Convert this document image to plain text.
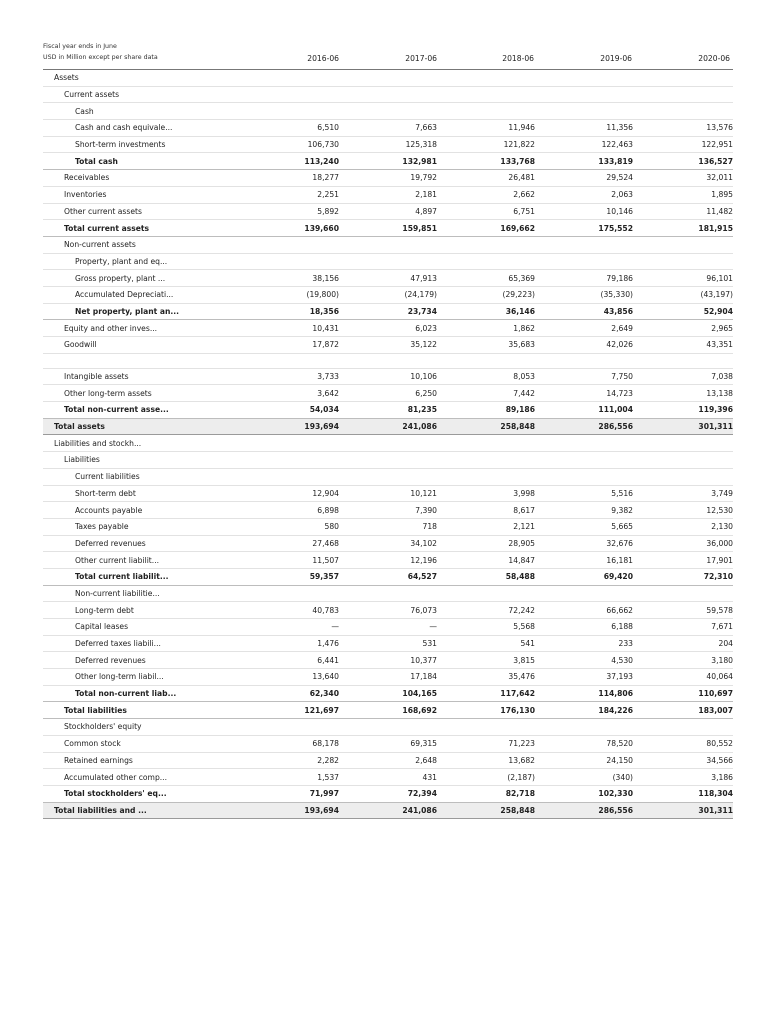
Fiscal year ends in June
USD in Million except per share data	2016-06	2017-06	2018-06	2019-06	2020-06
Assets					
Current assets					
Cash					
Cash and cash equivale...	6,510	7,663	11,946	11,356	13,576
Short-term investments	106,730	125,318	121,822	122,463	122,951
Total cash	113,240	132,981	133,768	133,819	136,527
Receivables	18,277	19,792	26,481	29,524	32,011
Inventories	2,251	2,181	2,662	2,063	1,895
Other current assets	5,892	4,897	6,751	10,146	11,482
Total current assets	139,660	159,851	169,662	175,552	181,915
Non-current assets					
Property, plant and eq...					
Gross property, plant ...	38,156	47,913	65,369	79,186	96,101
Accumulated Depreciati...	(19,800)	(24,179)	(29,223)	(35,330)	(43,197)
Net property, plant an...	18,356	23,734	36,146	43,856	52,904
Equity and other inves...	10,431	6,023	1,862	2,649	2,965
Goodwill	17,872	35,122	35,683	42,026	43,351

Intangible assets	3,733	10,106	8,053	7,750	7,038
Other long-term assets	3,642	6,250	7,442	14,723	13,138
Total non-current asse...	54,034	81,235	89,186	111,004	119,396
Total assets	193,694	241,086	258,848	286,556	301,311
Liabilities and stockh...					
Liabilities					
Current liabilities					
Short-term debt	12,904	10,121	3,998	5,516	3,749
Accounts payable	6,898	7,390	8,617	9,382	12,530
Taxes payable	580	718	2,121	5,665	2,130
Deferred revenues	27,468	34,102	28,905	32,676	36,000
Other current liabilit...	11,507	12,196	14,847	16,181	17,901
Total current liabilit...	59,357	64,527	58,488	69,420	72,310
Non-current liabilitie...					
Long-term debt	40,783	76,073	72,242	66,662	59,578
Capital leases	—	—	5,568	6,188	7,671
Deferred taxes liabili...	1,476	531	541	233	204
Deferred revenues	6,441	10,377	3,815	4,530	3,180
Other long-term liabil...	13,640	17,184	35,476	37,193	40,064
Total non-current liab...	62,340	104,165	117,642	114,806	110,697
Total liabilities	121,697	168,692	176,130	184,226	183,007
Stockholders' equity					
Common stock	68,178	69,315	71,223	78,520	80,552
Retained earnings	2,282	2,648	13,682	24,150	34,566
Accumulated other comp...	1,537	431	(2,187)	(340)	3,186
Total stockholders' eq...	71,997	72,394	82,718	102,330	118,304
Total liabilities and ...	193,694	241,086	258,848	286,556	301,311
